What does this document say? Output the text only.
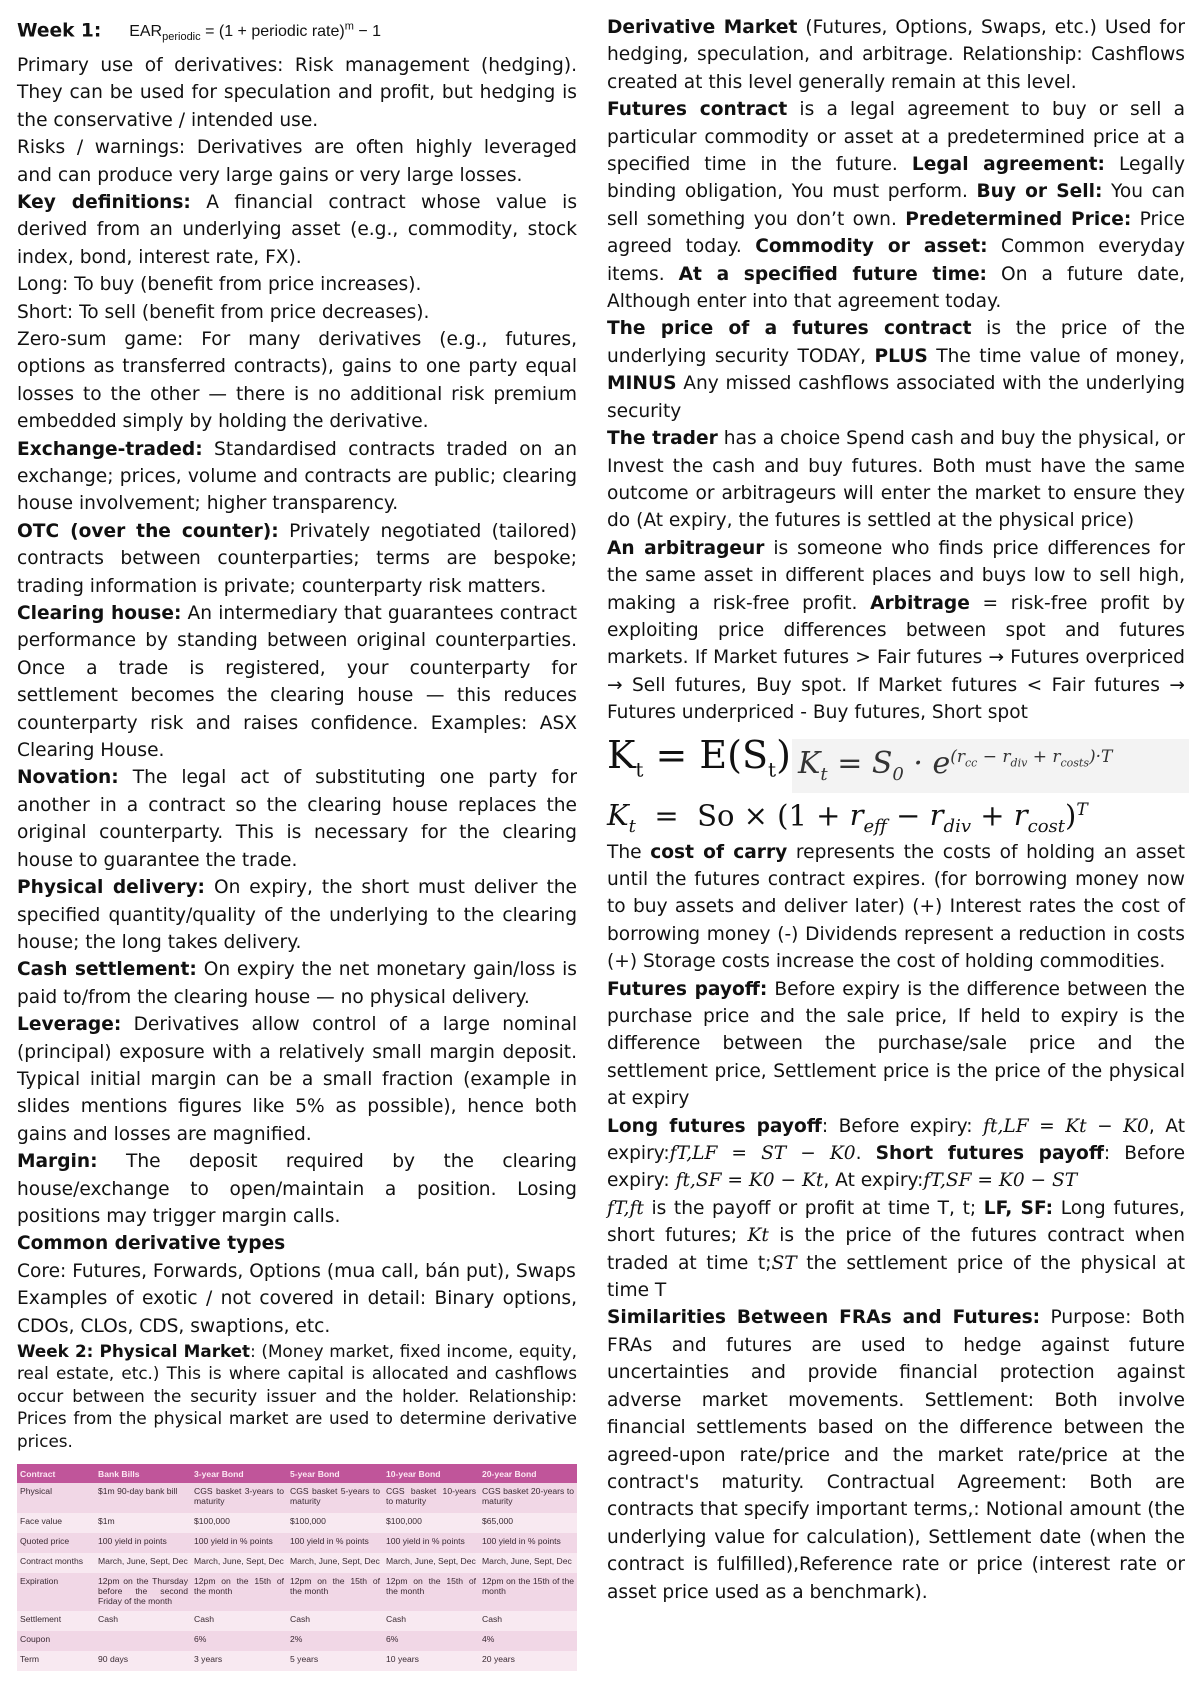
Week 1: $EAR_{periodic} = (1$ + periodic rate)$^m$ − 1

Primary use of derivatives: Risk management (hedging). They can be used for speculation and profit, but hedging is the conservative / intended use.

Risks / warnings: Derivatives are often highly leveraged and can produce very large gains or very large losses.

Key definitions: A financial contract whose value is derived from an underlying asset (e.g., commodity, stock index, bond, interest rate, FX).

Long: To buy (benefit from price increases).

Short: To sell (benefit from price decreases).

Zero-sum game: For many derivatives (e.g., futures, options as transferred contracts), gains to one party equal losses to the other — there is no additional risk premium embedded simply by holding the derivative.

Exchange-traded: Standardised contracts traded on an exchange; prices, volume and contracts are public; clearing house involvement; higher transparency.

OTC (over the counter): Privately negotiated (tailored) contracts between counterparties; terms are bespoke; trading information is private; counterparty risk matters.

Clearing house: An intermediary that guarantees contract performance by standing between original counterparties. Once a trade is registered, your counterparty for settlement becomes the clearing house — this reduces counterparty risk and raises confidence. Examples: ASX Clearing House.

Novation: The legal act of substituting one party for another in a contract so the clearing house replaces the original counterparty. This is necessary for the clearing house to guarantee the trade.

Physical delivery: On expiry, the short must deliver the specified quantity/quality of the underlying to the clearing house; the long takes delivery.

Cash settlement: On expiry the net monetary gain/loss is paid to/from the clearing house — no physical delivery.

Leverage: Derivatives allow control of a large nominal (principal) exposure with a relatively small margin deposit. Typical initial margin can be a small fraction (example in slides mentions figures like 5% as possible), hence both gains and losses are magnified.

Margin: The deposit required by the clearing house/exchange to open/maintain a position. Losing positions may trigger margin calls.

Common derivative types

Core: Futures, Forwards, Options (mua call, bán put), Swaps

Examples of exotic / not covered in detail: Binary options, CDOs, CLOs, CDS, swaptions, etc.

Week 2: Physical Market: (Money market, fixed income, equity, real estate, etc.) This is where capital is allocated and cashflows occur between the security issuer and the holder. Relationship: Prices from the physical market are used to determine derivative prices.

Contract	Bank Bills	3-year Bond	5-year Bond	10-year Bond	20-year Bond
Physical	$1m 90-day bank bill	CGS basket 3-years to maturity	CGS basket 5-years to maturity	CGS basket 10-years to maturity	CGS basket 20-years to maturity
Face value	$1m	$100,000	$100,000	$100,000	$65,000
Quoted price	100 yield in points	100 yield in % points	100 yield in % points	100 yield in % points	100 yield in % points
Contract months	March, June, Sept, Dec	March, June, Sept, Dec	March, June, Sept, Dec	March, June, Sept, Dec	March, June, Sept, Dec
Expiration	12pm on the Thursday before the second Friday of the month	12pm on the 15th of the month	12pm on the 15th of the month	12pm on the 15th of the month	12pm on the 15th of the month
Settlement	Cash	Cash	Cash	Cash	Cash
Coupon		6%	2%	6%	4%
Term	90 days	3 years	5 years	10 years	20 years

Derivative Market (Futures, Options, Swaps, etc.) Used for hedging, speculation, and arbitrage. Relationship: Cashflows created at this level generally remain at this level.

Futures contract is a legal agreement to buy or sell a particular commodity or asset at a predetermined price at a specified time in the future. Legal agreement: Legally binding obligation, You must perform. Buy or Sell: You can sell something you don’t own. Predetermined Price: Price agreed today. Commodity or asset: Common everyday items. At a specified future time: On a future date, Although enter into that agreement today.

The price of a futures contract is the price of the underlying security TODAY, PLUS The time value of money, MINUS Any missed cashflows associated with the underlying security

The trader has a choice Spend cash and buy the physical, or Invest the cash and buy futures. Both must have the same outcome or arbitrageurs will enter the market to ensure they do (At expiry, the futures is settled at the physical price)

An arbitrageur is someone who finds price differences for the same asset in different places and buys low to sell high, making a risk-free profit. Arbitrage = risk-free profit by exploiting price differences between spot and futures markets. If Market futures > Fair futures → Futures overpriced → Sell futures, Buy spot. If Market futures < Fair futures → Futures underpriced - Buy futures, Short spot

$K_t = E(S_t) K_t = S_0 \cdot e^{(r_{cc} - r_{div} + r_{costs})\cdot T}$
$K_t = So \times (1 + r_{eff} - r_{div} + r_{cost})^T$

The cost of carry represents the costs of holding an asset until the futures contract expires. (for borrowing money now to buy assets and deliver later) (+) Interest rates the cost of borrowing money (-) Dividends represent a reduction in costs (+) Storage costs increase the cost of holding commodities.

Futures payoff: Before expiry is the difference between the purchase price and the sale price, If held to expiry is the difference between the purchase/sale price and the settlement price, Settlement price is the price of the physical at expiry

Long futures payoff: Before expiry: ft,LF = Kt − K0, At expiry:fT,LF = ST − K0. Short futures payoff: Before expiry: ft,SF = K0 − Kt, At expiry:fT,SF = K0 − ST

fT,ft is the payoff or profit at time T, t; LF, SF: Long futures, short futures; Kt is the price of the futures contract when traded at time t;ST the settlement price of the physical at time T

Similarities Between FRAs and Futures: Purpose: Both FRAs and futures are used to hedge against future uncertainties and provide financial protection against adverse market movements. Settlement: Both involve financial settlements based on the difference between the agreed-upon rate/price and the market rate/price at the contract's maturity. Contractual Agreement: Both are contracts that specify important terms,: Notional amount (the underlying value for calculation), Settlement date (when the contract is fulfilled),Reference rate or price (interest rate or asset price used as a benchmark).
